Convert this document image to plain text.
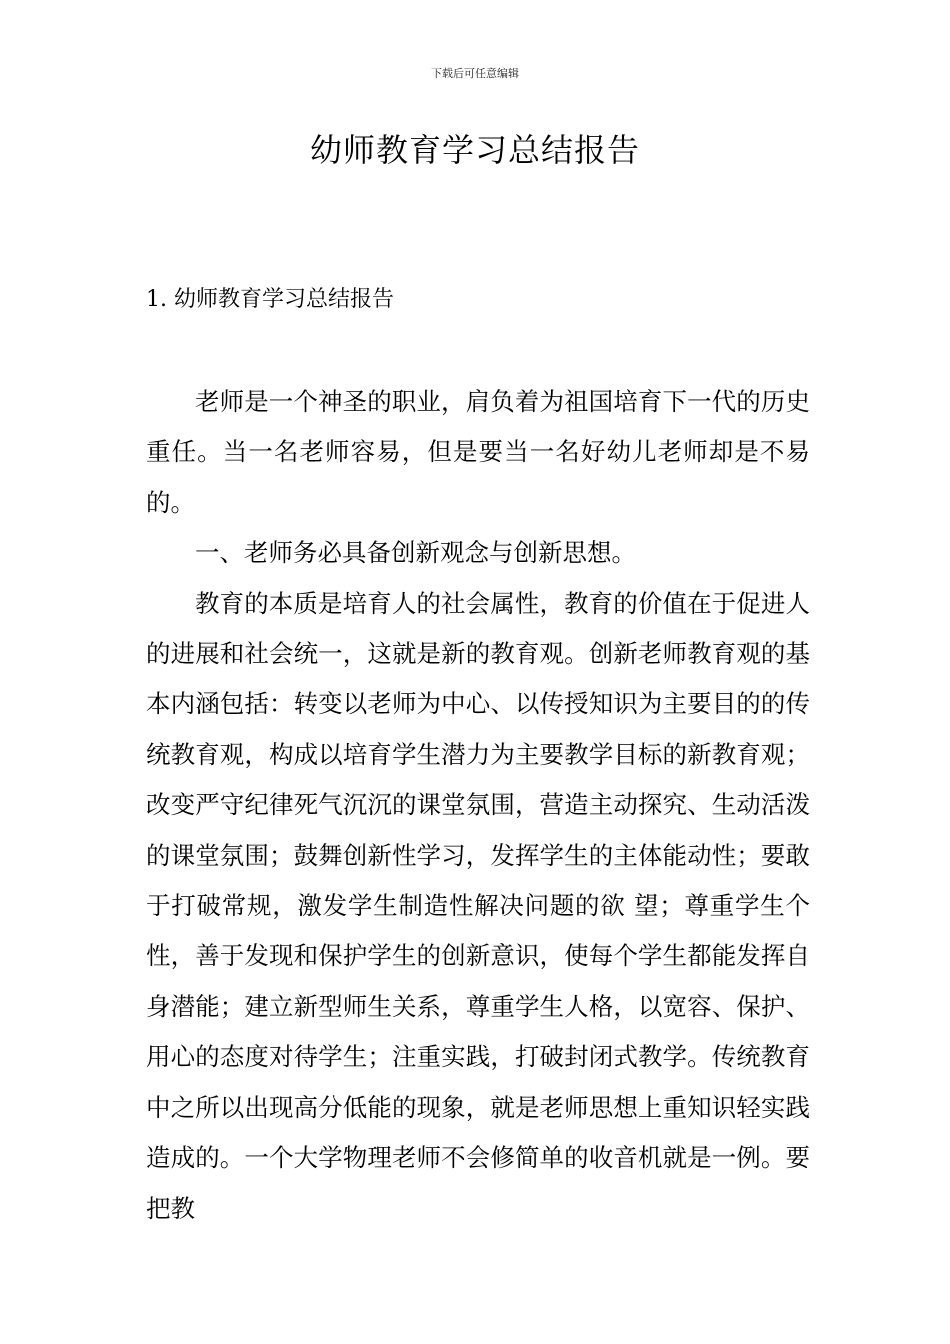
下载后可任意编辑
幼师教育学习总结报告
1. 幼师教育学习总结报告

老师是一个神圣的职业，肩负着为祖国培育下一代的历史重任。当一名老师容易，但是要当一名好幼儿老师却是不易的。

一、老师务必具备创新观念与创新思想。

教育的本质是培育人的社会属性，教育的价值在于促进人的进展和社会统一，这就是新的教育观。创新老师教育观的基本内涵包括：转变以老师为中心、以传授知识为主要目的的传统教育观，构成以培育学生潜力为主要教学目标的新教育观；改变严守纪律死气沉沉的课堂氛围，营造主动探究、生动活泼的课堂氛围；鼓舞创新性学习，发挥学生的主体能动性；要敢于打破常规，激发学生制造性解决问题的欲 望；尊重学生个性，善于发现和保护学生的创新意识，使每个学生都能发挥自身潜能；建立新型师生关系，尊重学生人格，以宽容、保护、用心的态度对待学生；注重实践，打破封闭式教学。传统教育中之所以出现高分低能的现象，就是老师思想上重知识轻实践造成的。一个大学物理老师不会修简单的收音机就是一例。要把教
